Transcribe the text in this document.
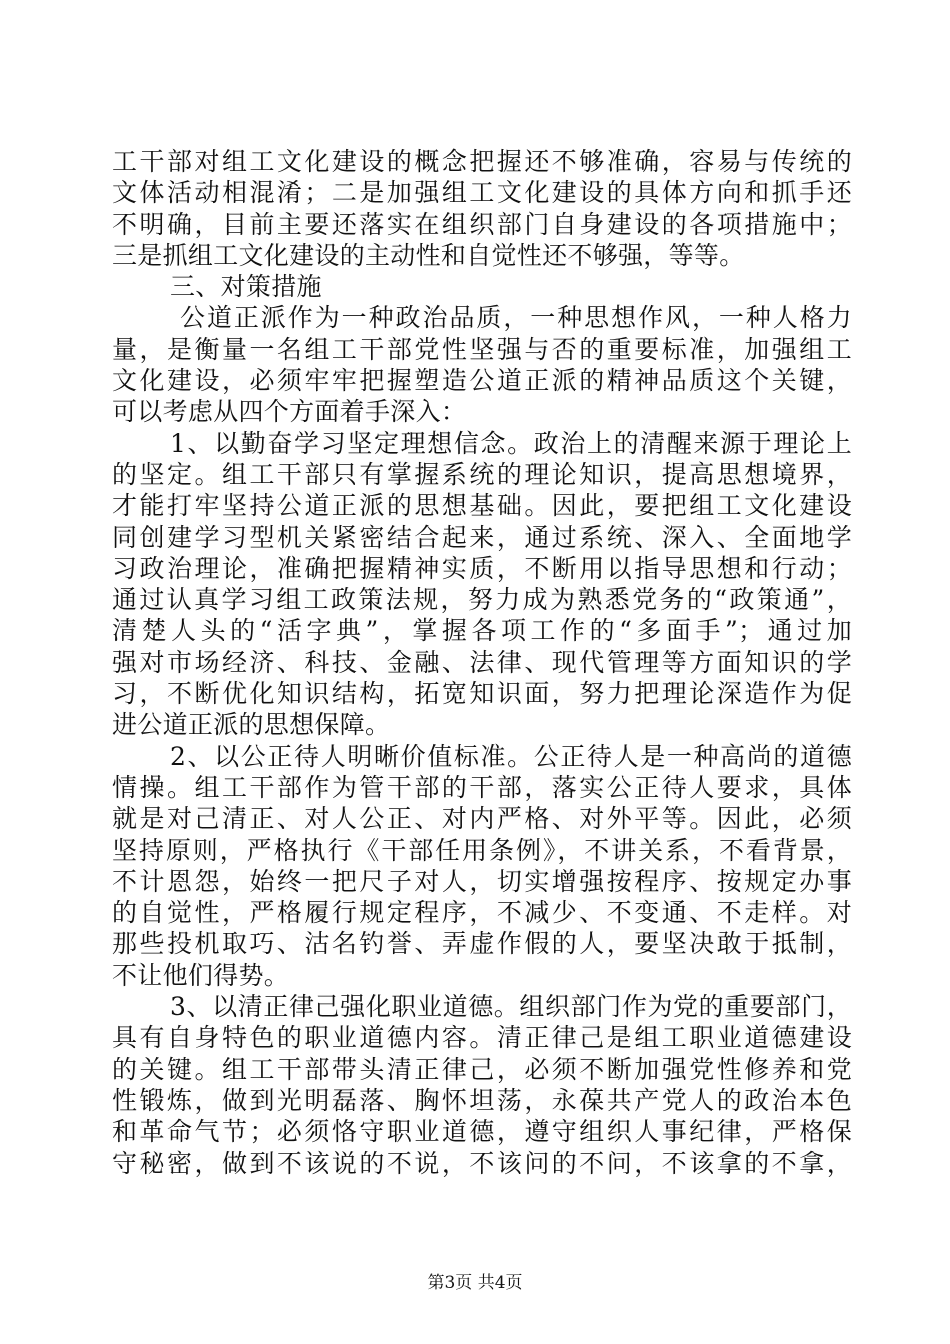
工干部对组工文化建设的概念把握还不够准确，容易与传统的
文体活动相混淆；二是加强组工文化建设的具体方向和抓手还
不明确，目前主要还落实在组织部门自身建设的各项措施中；
三是抓组工文化建设的主动性和自觉性还不够强，等等。
三、对策措施
公道正派作为一种政治品质，一种思想作风，一种人格力
量，是衡量一名组工干部党性坚强与否的重要标准，加强组工
文化建设，必须牢牢把握塑造公道正派的精神品质这个关键，
可以考虑从四个方面着手深入：
1、以勤奋学习坚定理想信念。政治上的清醒来源于理论上
的坚定。组工干部只有掌握系统的理论知识，提高思想境界，
才能打牢坚持公道正派的思想基础。因此，要把组工文化建设
同创建学习型机关紧密结合起来，通过系统、深入、全面地学
习政治理论，准确把握精神实质，不断用以指导思想和行动；
通过认真学习组工政策法规，努力成为熟悉党务的“政策通”，
清楚人头的“活字典”，掌握各项工作的“多面手”；通过加
强对市场经济、科技、金融、法律、现代管理等方面知识的学
习，不断优化知识结构，拓宽知识面，努力把理论深造作为促
进公道正派的思想保障。
2、以公正待人明晰价值标准。公正待人是一种高尚的道德
情操。组工干部作为管干部的干部，落实公正待人要求，具体
就是对己清正、对人公正、对内严格、对外平等。因此，必须
坚持原则，严格执行《干部任用条例》，不讲关系，不看背景，
不计恩怨，始终一把尺子对人，切实增强按程序、按规定办事
的自觉性，严格履行规定程序，不减少、不变通、不走样。对
那些投机取巧、沽名钓誉、弄虚作假的人，要坚决敢于抵制，
不让他们得势。
3、以清正律己强化职业道德。组织部门作为党的重要部门，
具有自身特色的职业道德内容。清正律己是组工职业道德建设
的关键。组工干部带头清正律己，必须不断加强党性修养和党
性锻炼，做到光明磊落、胸怀坦荡，永葆共产党人的政治本色
和革命气节；必须恪守职业道德，遵守组织人事纪律，严格保
守秘密，做到不该说的不说，不该问的不问，不该拿的不拿，
第3页 共4页
